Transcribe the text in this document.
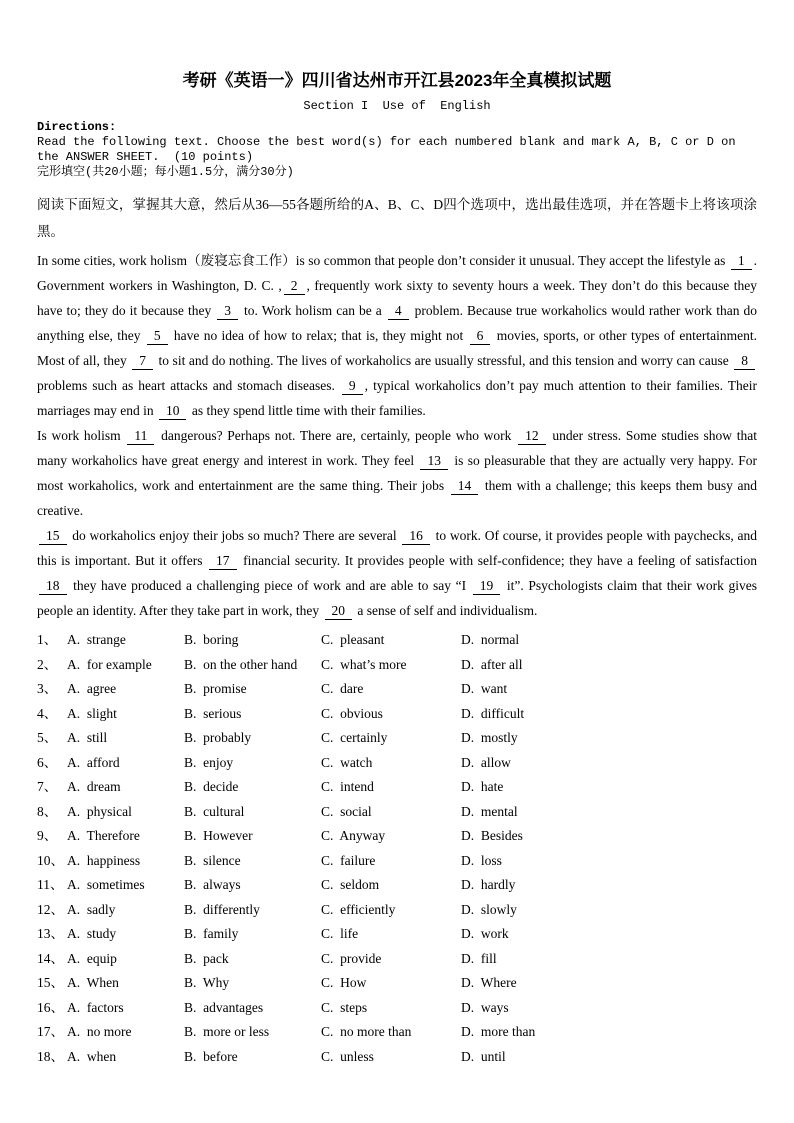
考研《英语一》四川省达州市开江县2023年全真模拟试题
Section I  Use of  English
Directions:
Read the following text. Choose the best word(s) for each numbered blank and mark A, B, C or D on the ANSWER SHEET.  (10 points)
完形填空(共20小题；每小题1.5分，满分30分)

阅读下面短文，掌握其大意，然后从36—55各题所给的A、B、C、D四个选项中，选出最佳选项，并在答题卡上将该项涂黑。

In some cities, work holism（废寝忘食工作）is so common that people don’t consider it unusual. They accept the lifestyle as 1 . Government workers in Washington, D. C. , 2 , frequently work sixty to seventy hours a week. They don’t do this because they have to; they do it because they 3 to. Work holism can be a 4 problem. Because true workaholics would rather work than do anything else, they 5 have no idea of how to relax; that is, they might not 6 movies, sports, or other types of entertainment. Most of all, they 7 to sit and do nothing. The lives of workaholics are usually stressful, and this tension and worry can cause 8 problems such as heart attacks and stomach diseases. 9 , typical workaholics don’t pay much attention to their families. Their marriages may end in 10 as they spend little time with their families.

Is work holism 11 dangerous? Perhaps not. There are, certainly, people who work 12 under stress. Some studies show that many workaholics have great energy and interest in work. They feel 13 is so pleasurable that they are actually very happy. For most workaholics, work and entertainment are the same thing. Their jobs 14 them with a challenge; this keeps them busy and creative.

15 do workaholics enjoy their jobs so much? There are several 16 to work. Of course, it provides people with paychecks, and this is important. But it offers 17 financial security. It provides people with self-confidence; they have a feeling of satisfaction 18 they have produced a challenging piece of work and are able to say “I 19 it”. Psychologists claim that their work gives people an identity. After they take part in work, they 20 a sense of self and individualism.

1、 A.  strange	B.  boring	C.  pleasant	D.  normal
2、 A.  for example	B.  on the other hand	C.  what’s more	D.  after all
3、 A.  agree	B.  promise	C.  dare	D.  want
4、 A.  slight	B.  serious	C.  obvious	D.  difficult
5、 A.  still	B.  probably	C.  certainly	D.  mostly
6、 A.  afford	B.  enjoy	C.  watch	D.  allow
7、 A.  dream	B.  decide	C.  intend	D.  hate
8、 A.  physical	B.  cultural	C.  social	D.  mental
9、 A.  Therefore	B.  However	C.  Anyway	D.  Besides
10、 A.  happiness	B.  silence	C.  failure	D.  loss
11、 A.  sometimes	B.  always	C.  seldom	D.  hardly
12、 A.  sadly	B.  differently	C.  efficiently	D.  slowly
13、 A.  study	B.  family	C.  life	D.  work
14、 A.  equip	B.  pack	C.  provide	D.  fill
15、 A.  When	B.  Why	C.  How	D.  Where
16、 A.  factors	B.  advantages	C.  steps	D.  ways
17、 A.  no more	B.  more or less	C.  no more than	D.  more than
18、 A.  when	B.  before	C.  unless	D.  until
